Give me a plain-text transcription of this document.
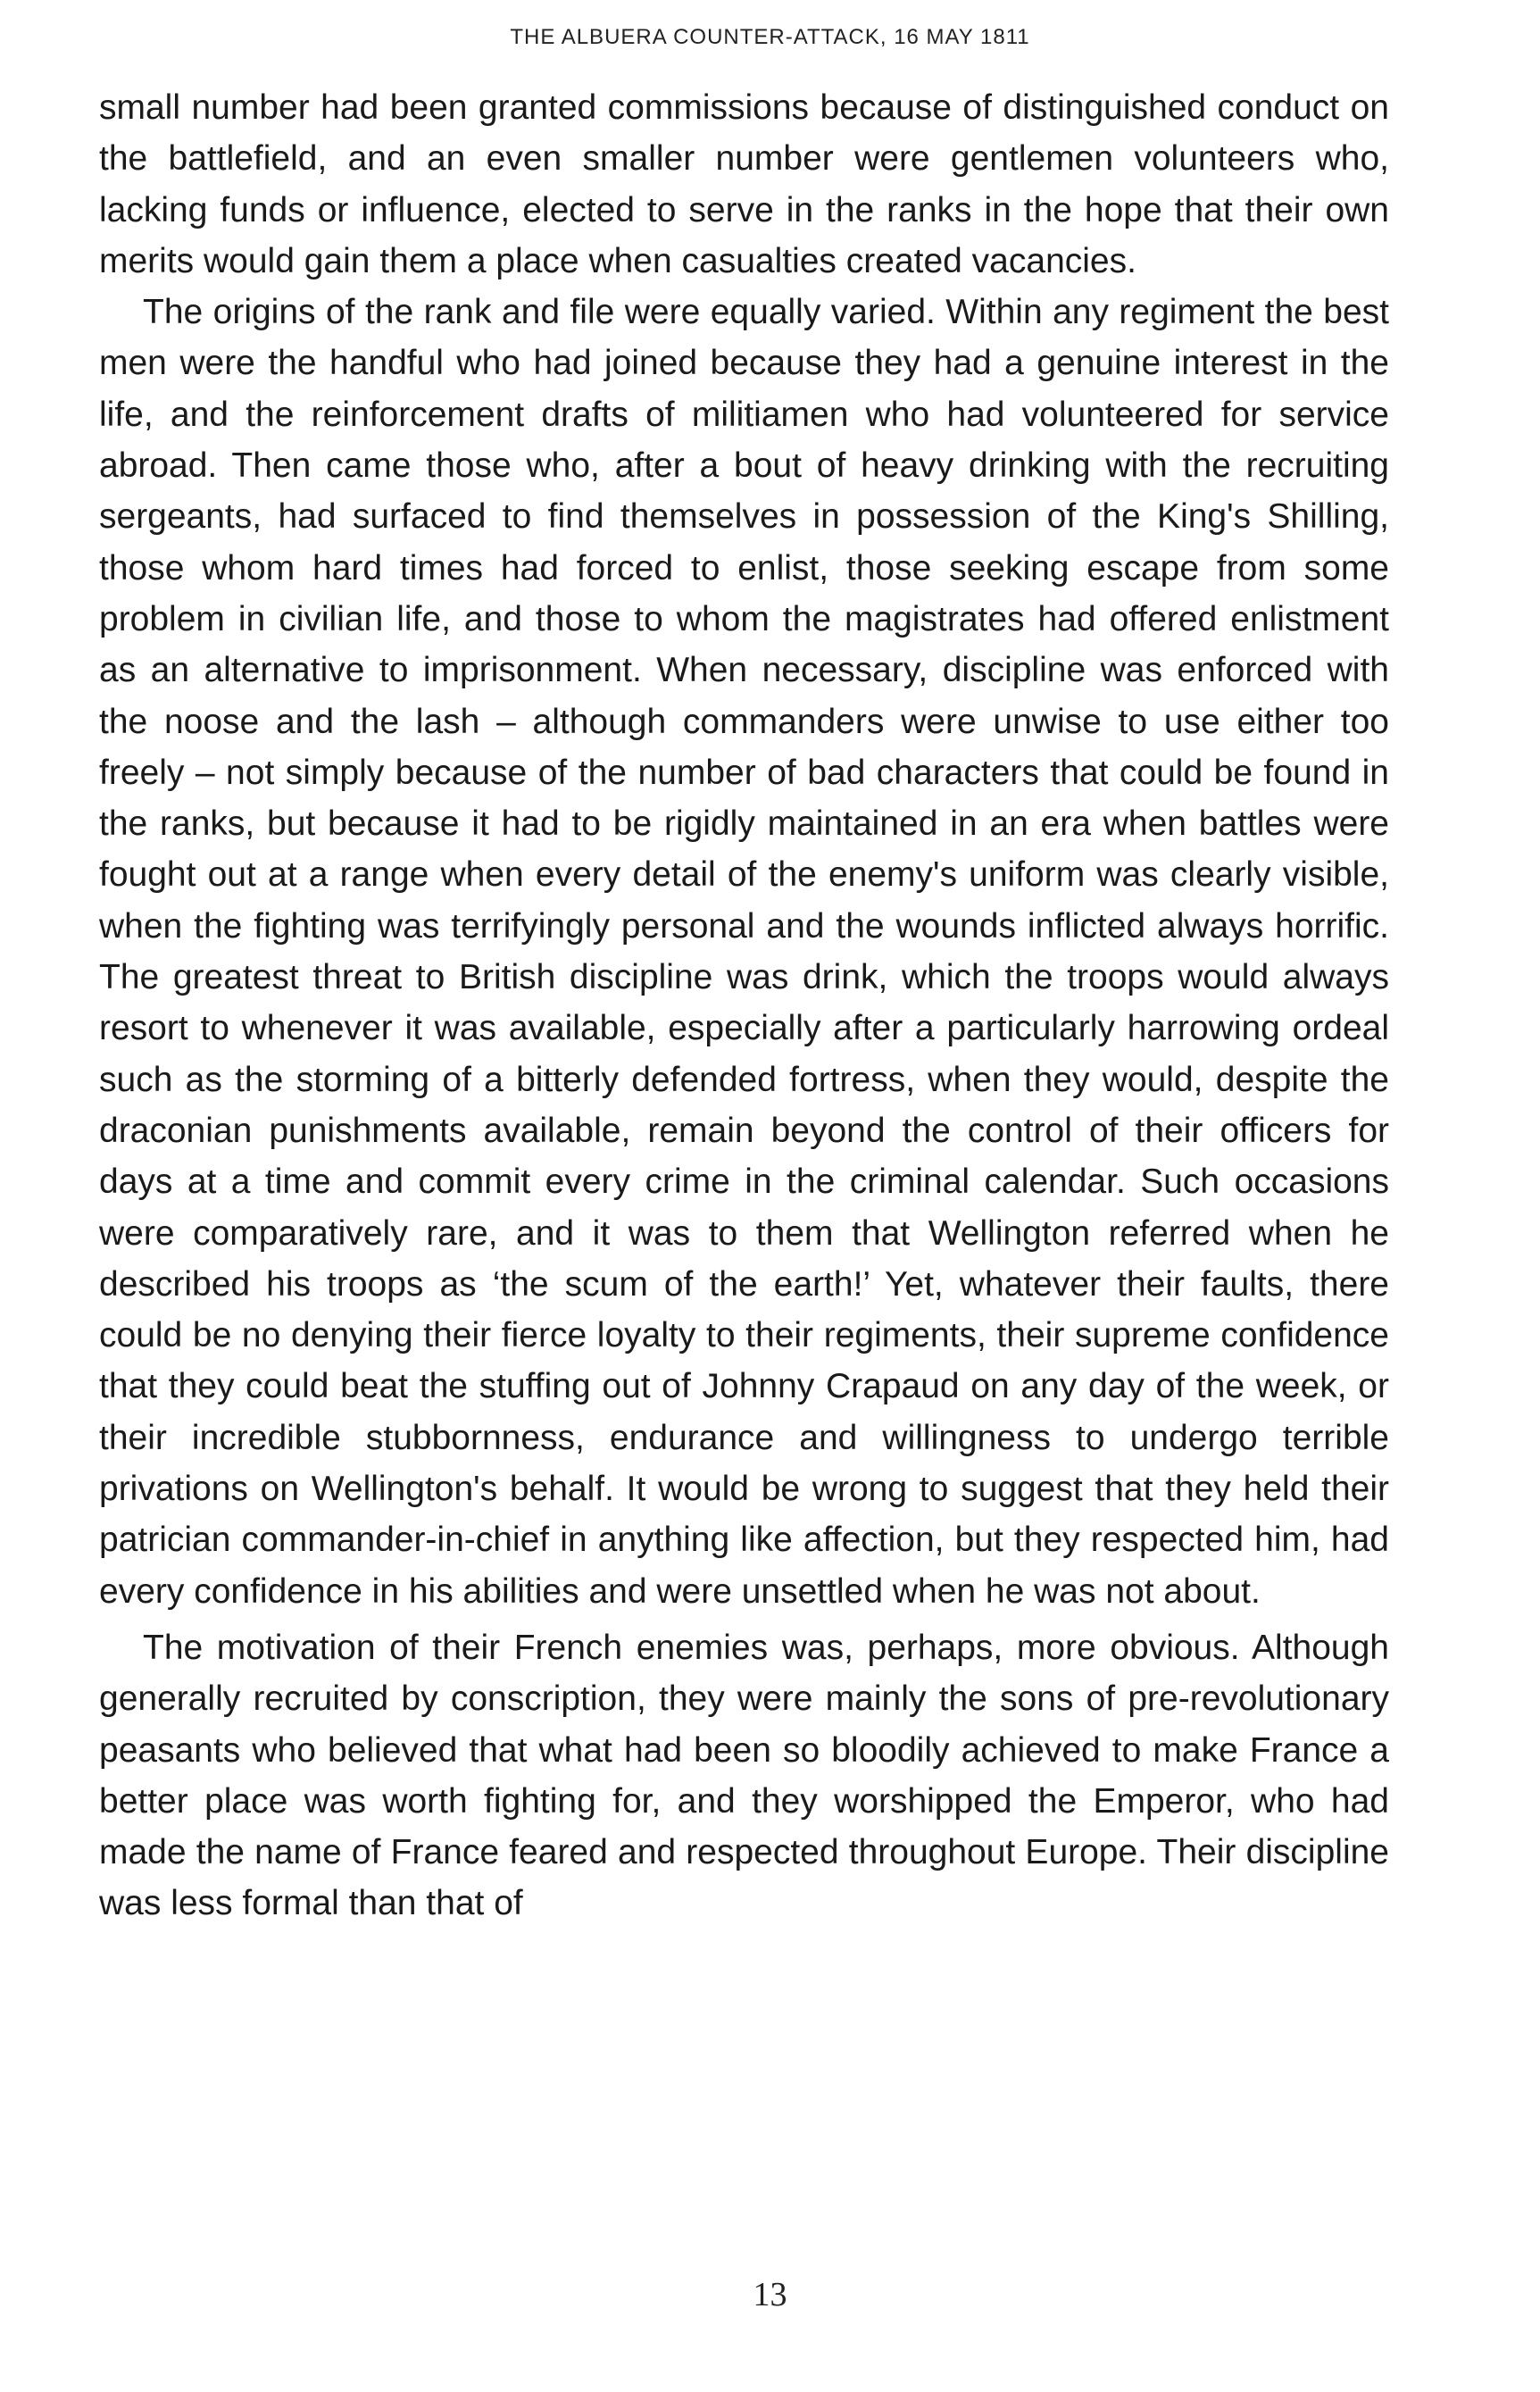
THE ALBUERA COUNTER-ATTACK, 16 MAY 1811

small number had been granted commissions because of distinguished conduct on the battlefield, and an even smaller number were gentlemen volunteers who, lacking funds or influence, elected to serve in the ranks in the hope that their own merits would gain them a place when casualties created vacancies.

The origins of the rank and file were equally varied. Within any regiment the best men were the handful who had joined because they had a genuine interest in the life, and the reinforcement drafts of militiamen who had volunteered for service abroad. Then came those who, after a bout of heavy drinking with the recruiting sergeants, had surfaced to find themselves in possession of the King's Shilling, those whom hard times had forced to enlist, those seeking escape from some problem in civilian life, and those to whom the magistrates had offered enlistment as an alternative to imprisonment. When necessary, discipline was enforced with the noose and the lash – although commanders were unwise to use either too freely – not simply because of the number of bad characters that could be found in the ranks, but because it had to be rigidly maintained in an era when battles were fought out at a range when every detail of the enemy's uniform was clearly visible, when the fighting was terrifyingly personal and the wounds inflicted always horrific. The greatest threat to British discipline was drink, which the troops would always resort to whenever it was available, especially after a particularly harrowing ordeal such as the storming of a bitterly defended fortress, when they would, despite the draconian punishments available, remain beyond the control of their officers for days at a time and commit every crime in the criminal calendar. Such occasions were comparatively rare, and it was to them that Wellington referred when he described his troops as ‘the scum of the earth!’ Yet, whatever their faults, there could be no denying their fierce loyalty to their regiments, their supreme confidence that they could beat the stuffing out of Johnny Crapaud on any day of the week, or their incredible stubbornness, endurance and willingness to undergo terrible privations on Wellington's behalf. It would be wrong to suggest that they held their patrician commander-in-chief in anything like affection, but they respected him, had every confidence in his abilities and were unsettled when he was not about.

The motivation of their French enemies was, perhaps, more obvious. Although generally recruited by conscription, they were mainly the sons of pre-revolutionary peasants who believed that what had been so bloodily achieved to make France a better place was worth fighting for, and they worshipped the Emperor, who had made the name of France feared and respected throughout Europe. Their discipline was less formal than that of

13
